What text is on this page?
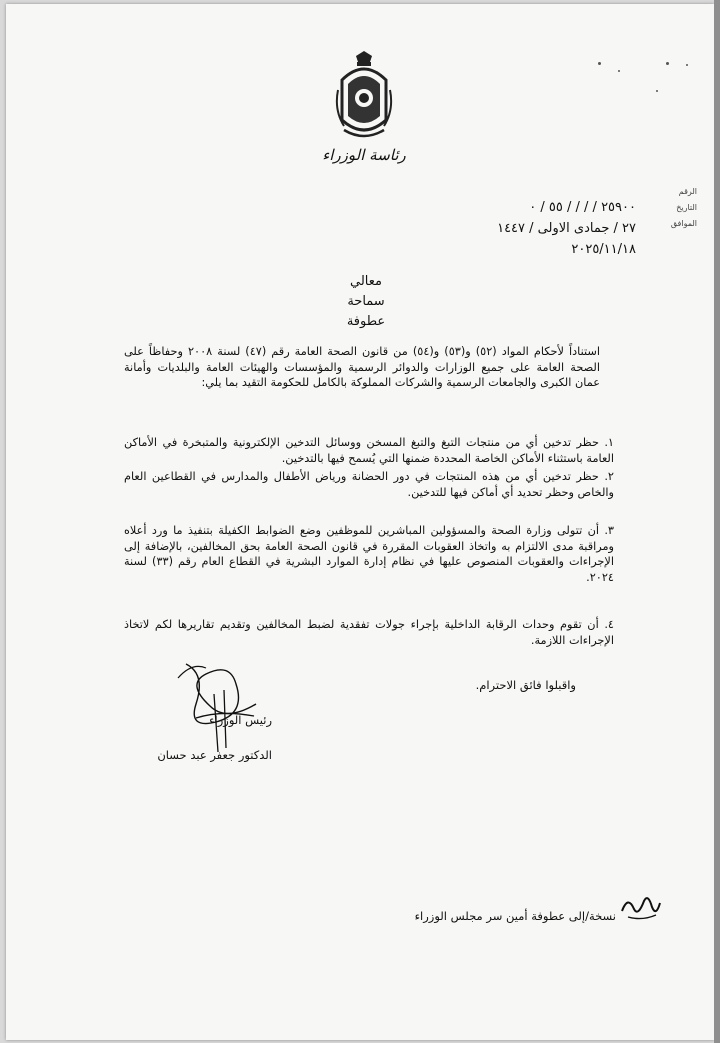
رئاسة الوزراء
الرقم
التاريخ
الموافق
٢٥٩٠٠ / / / / ٥٥ / ٠
٢٧ / جمادى الاولى / ١٤٤٧
٢٠٢٥/١١/١٨
معالي
سماحة
عطوفة
استناداً لأحكام المواد (٥٢) و(٥٣) و(٥٤) من قانون الصحة العامة رقم (٤٧) لسنة ٢٠٠٨ وحفاظاً على الصحة العامة على جميع الوزارات والدوائر الرسمية والمؤسسات والهيئات العامة والبلديات وأمانة عمان الكبرى والجامعات الرسمية والشركات المملوكة بالكامل للحكومة التقيد بما يلي:
١. حظر تدخين أي من منتجات التبغ والتبغ المسخن ووسائل التدخين الإلكترونية والمتبخرة في الأماكن العامة باستثناء الأماكن الخاصة المحددة ضمنها التي يُسمح فيها بالتدخين.
٢. حظر تدخين أي من هذه المنتجات في دور الحضانة ورياض الأطفال والمدارس في القطاعين العام والخاص وحظر تحديد أي أماكن فيها للتدخين.
٣. أن تتولى وزارة الصحة والمسؤولين المباشرين للموظفين وضع الضوابط الكفيلة بتنفيذ ما ورد أعلاه ومراقبة مدى الالتزام به واتخاذ العقوبات المقررة في قانون الصحة العامة بحق المخالفين، بالإضافة إلى الإجراءات والعقوبات المنصوص عليها في نظام إدارة الموارد البشرية في القطاع العام رقم (٣٣) لسنة ٢٠٢٤.
٤. أن تقوم وحدات الرقابة الداخلية بإجراء جولات تفقدية لضبط المخالفين وتقديم تقاريرها لكم لاتخاذ الإجراءات اللازمة.
واقبلوا فائق الاحترام.
رئيس الوزراء
الدكتور جعفر عبد حسان
نسخة/إلى عطوفة أمين سر مجلس الوزراء
